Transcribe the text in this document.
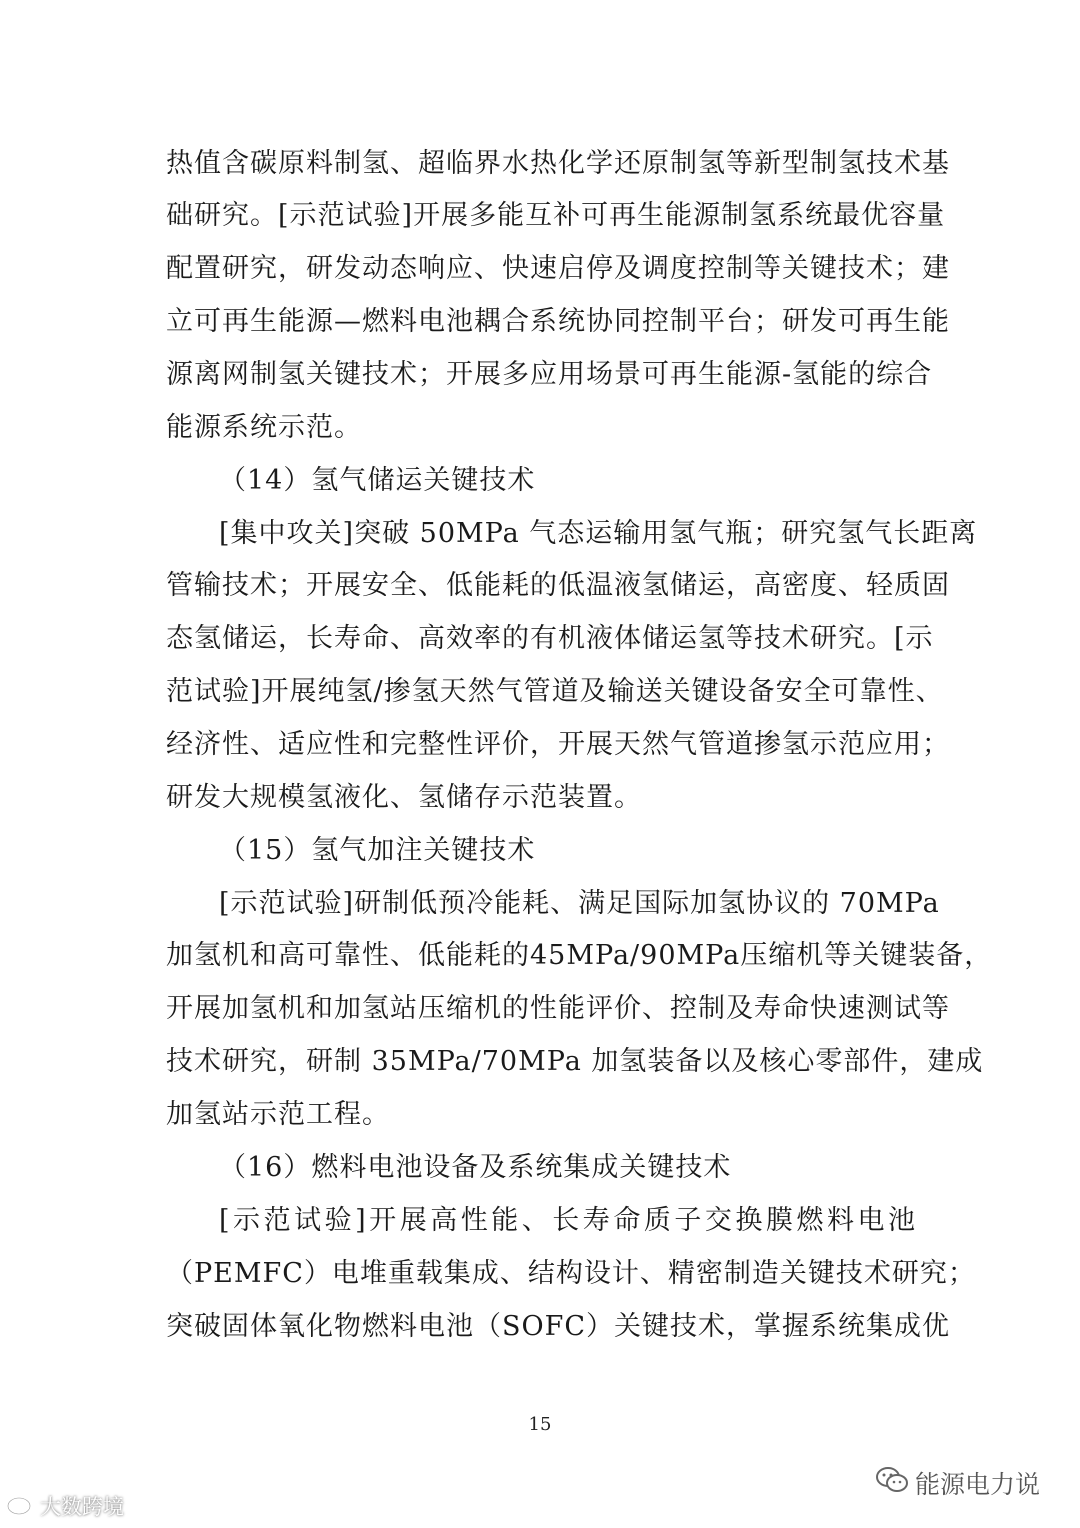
热值含碳原料制氢、超临界水热化学还原制氢等新型制氢技术基
础研究。[示范试验]开展多能互补可再生能源制氢系统最优容量
配置研究，研发动态响应、快速启停及调度控制等关键技术；建
立可再生能源—燃料电池耦合系统协同控制平台；研发可再生能
源离网制氢关键技术；开展多应用场景可再生能源-氢能的综合
能源系统示范。
（14）氢气储运关键技术
[集中攻关]突破 50MPa 气态运输用氢气瓶；研究氢气长距离
管输技术；开展安全、低能耗的低温液氢储运，高密度、轻质固
态氢储运，长寿命、高效率的有机液体储运氢等技术研究。[示
范试验]开展纯氢/掺氢天然气管道及输送关键设备安全可靠性、
经济性、适应性和完整性评价，开展天然气管道掺氢示范应用；
研发大规模氢液化、氢储存示范装置。
（15）氢气加注关键技术
[示范试验]研制低预冷能耗、满足国际加氢协议的 70MPa
加氢机和高可靠性、低能耗的45MPa/90MPa压缩机等关键装备，
开展加氢机和加氢站压缩机的性能评价、控制及寿命快速测试等
技术研究，研制 35MPa/70MPa 加氢装备以及核心零部件，建成
加氢站示范工程。
（16）燃料电池设备及系统集成关键技术
[示范试验]开展高性能、长寿命质子交换膜燃料电池
（PEMFC）电堆重载集成、结构设计、精密制造关键技术研究；
突破固体氧化物燃料电池（SOFC）关键技术，掌握系统集成优
15
能源电力说
大数跨境
